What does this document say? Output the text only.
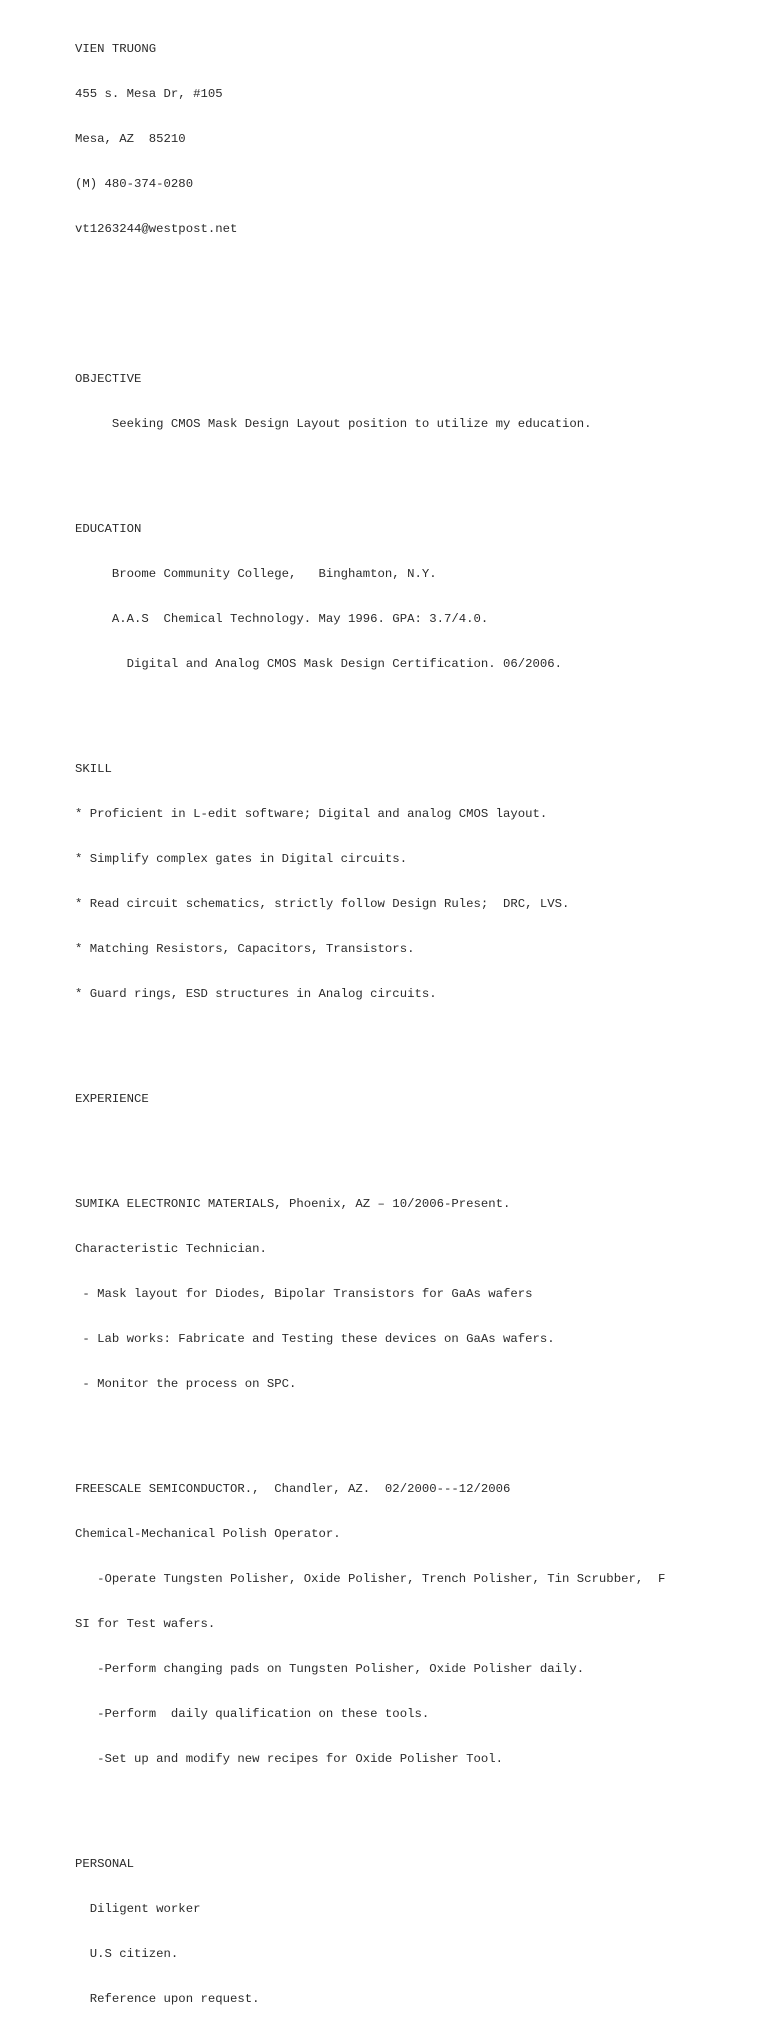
VIEN TRUONG

455 s. Mesa Dr, #105

Mesa, AZ  85210

(M) 480-374-0280

vt1263244@westpost.net

OBJECTIVE

Seeking CMOS Mask Design Layout position to utilize my education.

EDUCATION

Broome Community College,   Binghamton, N.Y.

A.A.S  Chemical Technology. May 1996. GPA: 3.7/4.0.

Digital and Analog CMOS Mask Design Certification. 06/2006.

SKILL

* Proficient in L-edit software; Digital and analog CMOS layout.

* Simplify complex gates in Digital circuits.

* Read circuit schematics, strictly follow Design Rules;  DRC, LVS.

* Matching Resistors, Capacitors, Transistors.

* Guard rings, ESD structures in Analog circuits.

EXPERIENCE

SUMIKA ELECTRONIC MATERIALS, Phoenix, AZ – 10/2006-Present.

Characteristic Technician.

- Mask layout for Diodes, Bipolar Transistors for GaAs wafers

- Lab works: Fabricate and Testing these devices on GaAs wafers.

- Monitor the process on SPC.

FREESCALE SEMICONDUCTOR.,  Chandler, AZ.  02/2000---12/2006

Chemical-Mechanical Polish Operator.

-Operate Tungsten Polisher, Oxide Polisher, Trench Polisher, Tin Scrubber,  F

SI for Test wafers.

-Perform changing pads on Tungsten Polisher, Oxide Polisher daily.

-Perform  daily qualification on these tools.

-Set up and modify new recipes for Oxide Polisher Tool.

PERSONAL

Diligent worker

U.S citizen.

Reference upon request.
